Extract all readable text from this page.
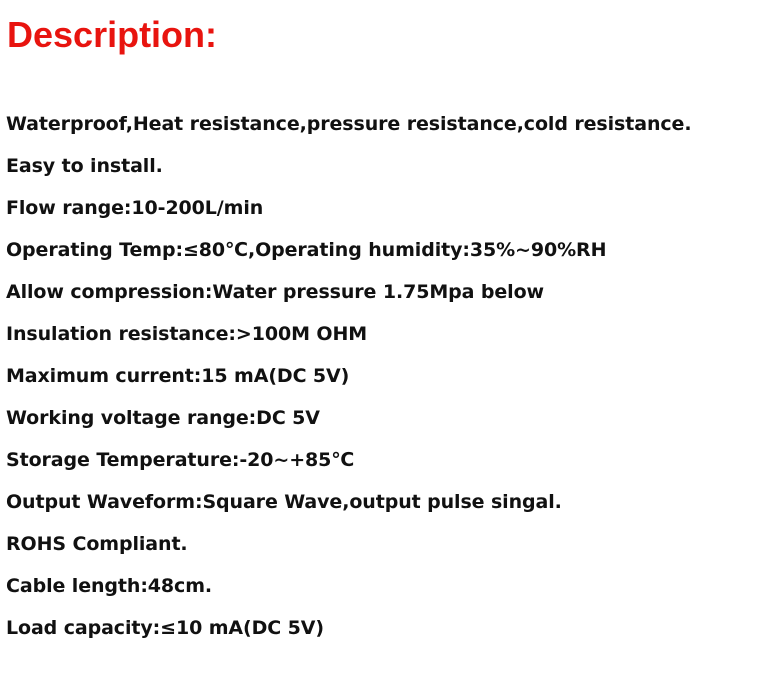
Description:
Waterproof,Heat resistance,pressure resistance,cold resistance.
Easy to install.
Flow range:10-200L/min
Operating Temp:≤80℃,Operating humidity:35%~90%RH
Allow compression:Water pressure 1.75Mpa below
Insulation resistance:>100M OHM
Maximum current:15 mA(DC 5V)
Working voltage range:DC 5V
Storage Temperature:-20~+85℃
Output Waveform:Square Wave,output pulse singal.
ROHS Compliant.
Cable length:48cm.
Load capacity:≤10 mA(DC 5V)
